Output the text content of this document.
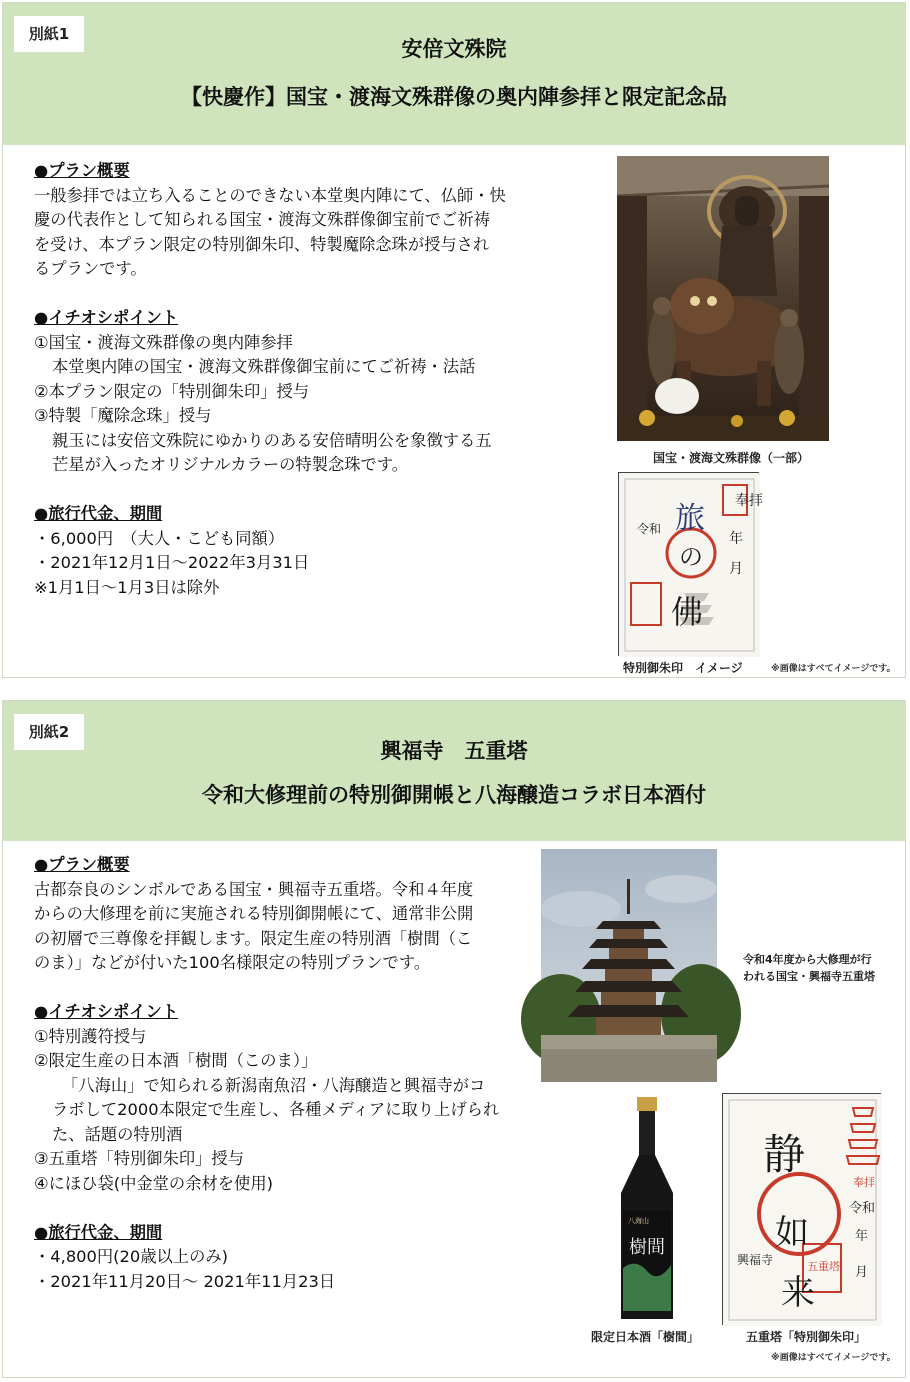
別紙1
安倍文殊院
【快慶作】国宝・渡海文殊群像の奥内陣参拝と限定記念品
●プラン概要
一般参拝では立ち入ることのできない本堂奥内陣にて、仏師・快
慶の代表作として知られる国宝・渡海文殊群像御宝前でご祈祷
を受け、本プラン限定の特別御朱印、特製魔除念珠が授与され
るプランです。
●イチオシポイント
①国宝・渡海文殊群像の奥内陣参拝
本堂奥内陣の国宝・渡海文殊群像御宝前にてご祈祷・法話
②本プラン限定の「特別御朱印」授与
③特製「魔除念珠」授与
親玉には安倍文殊院にゆかりのある安倍晴明公を象徴する五
芒星が入ったオリジナルカラーの特製念珠です。
●旅行代金、期間
・6,000円　（大人・こども同額）
・2021年12月1日～2022年3月31日
※1月1日～1月3日は除外
国宝・渡海文殊群像（一部）
奉拝
旅
の
佛
令和
年
月
特別御朱印　イメージ	※画像はすべてイメージです。
別紙2
興福寺　五重塔
令和大修理前の特別御開帳と八海醸造コラボ日本酒付
●プラン概要
古都奈良のシンボルである国宝・興福寺五重塔。令和４年度
からの大修理を前に実施される特別御開帳にて、通常非公開
の初層で三尊像を拝観します。限定生産の特別酒「樹間（こ
のま）」などが付いた100名様限定の特別プランです。
●イチオシポイント
①特別護符授与
②限定生産の日本酒「樹間（このま）」
「八海山」で知られる新潟南魚沼・八海醸造と興福寺がコ
ラボして2000本限定で生産し、各種メディアに取り上げられ
た、話題の特別酒
③五重塔「特別御朱印」授与
④にほひ袋(中金堂の余材を使用)
●旅行代金、期間
・4,800円(20歳以上のみ)
・2021年11月20日～ 2021年11月23日
令和4年度から大修理が行
われる国宝・興福寺五重塔
八海山
樹間
限定日本酒「樹間」
奉拝
静
如
来
令和
年
月
興福寺	五重塔
五重塔「特別御朱印」
※画像はすべてイメージです。
